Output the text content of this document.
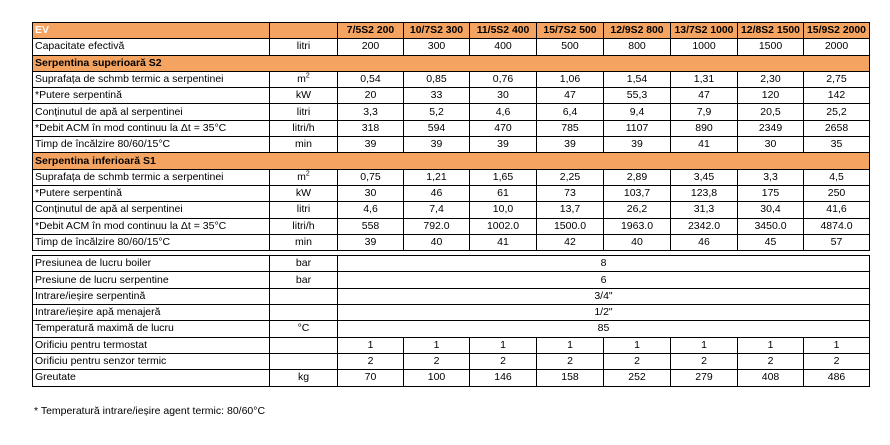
EV		7/5S2 200	10/7S2 300	11/5S2 400	15/7S2 500	12/9S2 800	13/7S2 1000	12/8S2 1500	15/9S2 2000
Capacitate efectivă	litri	200	300	400	500	800	1000	1500	2000
Serpentina superioară S2									
Suprafața de schmb termic a serpentinei	$m^2$	0,54	0,85	0,76	1,06	1,54	1,31	2,30	2,75
*Putere serpentină	kW	20	33	30	47	55,3	47	120	142
Conținutul de apă al serpentinei	litri	3,3	5,2	4,6	6,4	9,4	7,9	20,5	25,2
*Debit ACM în mod continuu la Δt = 35°C	litri/h	318	594	470	785	1107	890	2349	2658
Timp de încălzire 80/60/15°C	min	39	39	39	39	39	41	30	35
Serpentina inferioară S1									
Suprafața de schmb termic a serpentinei	$m^2$	0,75	1,21	1,65	2,25	2,89	3,45	3,3	4,5
*Putere serpentină	kW	30	46	61	73	103,7	123,8	175	250
Conținutul de apă al serpentinei	litri	4,6	7,4	10,0	13,7	26,2	31,3	30,4	41,6
*Debit ACM în mod continuu la Δt = 35°C	litri/h	558	792.0	1002.0	1500.0	1963.0	2342.0	3450.0	4874.0
Timp de încălzire 80/60/15°C	min	39	40	41	42	40	46	45	57

Presiunea de lucru boiler	bar	8							
Presiune de lucru serpentine	bar	6							
Intrare/ieșire serpentină		3/4"							
Intrare/ieșire apă menajeră		1/2"							
Temperatură maximă de lucru	°C	85							
Orificiu pentru termostat		1	1	1	1	1	1	1	1
Orificiu pentru senzor termic		2	2	2	2	2	2	2	2
Greutate	kg	70	100	146	158	252	279	408	486
* Temperatură intrare/ieșire agent termic: 80/60°C
